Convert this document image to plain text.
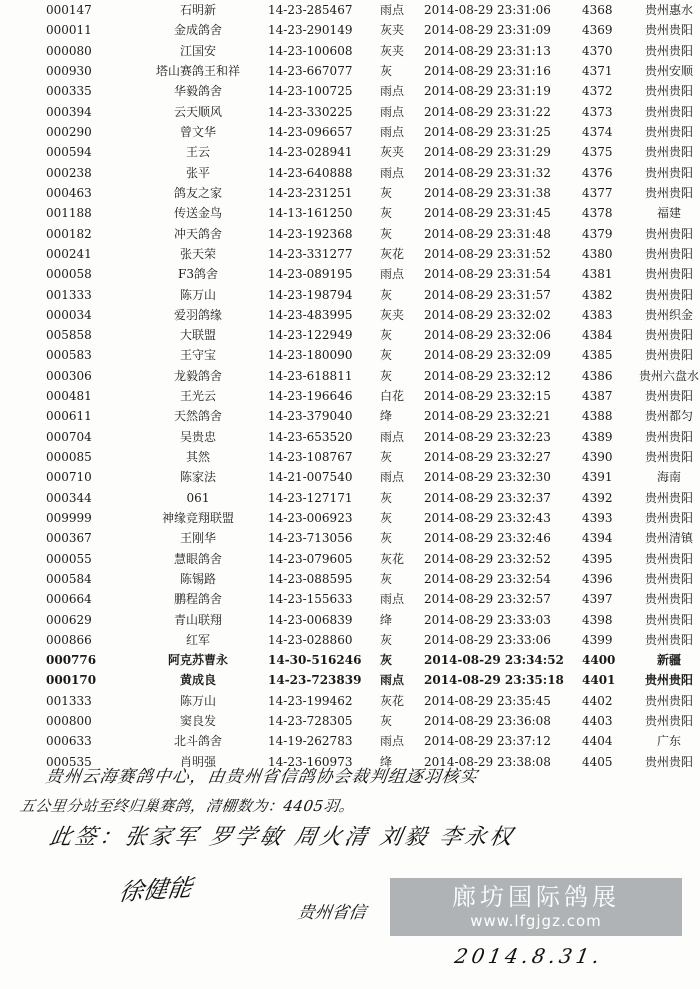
000147	石明新	14-23-285467	雨点	2014-08-29 23:31:06	4368	贵州惠水
000011	金成鸽舍	14-23-290149	灰夹	2014-08-29 23:31:09	4369	贵州贵阳
000080	江国安	14-23-100608	灰夹	2014-08-29 23:31:13	4370	贵州贵阳
000930	塔山赛鸽王和祥	14-23-667077	灰	2014-08-29 23:31:16	4371	贵州安顺
000335	华毅鸽舍	14-23-100725	雨点	2014-08-29 23:31:19	4372	贵州贵阳
000394	云天顺风	14-23-330225	雨点	2014-08-29 23:31:22	4373	贵州贵阳
000290	曾文华	14-23-096657	雨点	2014-08-29 23:31:25	4374	贵州贵阳
000594	王云	14-23-028941	灰夹	2014-08-29 23:31:29	4375	贵州贵阳
000238	张平	14-23-640888	雨点	2014-08-29 23:31:32	4376	贵州贵阳
000463	鸽友之家	14-23-231251	灰	2014-08-29 23:31:38	4377	贵州贵阳
001188	传送金鸟	14-13-161250	灰	2014-08-29 23:31:45	4378	福建
000182	冲天鸽舍	14-23-192368	灰	2014-08-29 23:31:48	4379	贵州贵阳
000241	张天荣	14-23-331277	灰花	2014-08-29 23:31:52	4380	贵州贵阳
000058	F3鸽舍	14-23-089195	雨点	2014-08-29 23:31:54	4381	贵州贵阳
001333	陈万山	14-23-198794	灰	2014-08-29 23:31:57	4382	贵州贵阳
000034	爱羽鸽缘	14-23-483995	灰夹	2014-08-29 23:32:02	4383	贵州织金
005858	大联盟	14-23-122949	灰	2014-08-29 23:32:06	4384	贵州贵阳
000583	王守宝	14-23-180090	灰	2014-08-29 23:32:09	4385	贵州贵阳
000306	龙毅鸽舍	14-23-618811	灰	2014-08-29 23:32:12	4386	贵州六盘水
000481	王光云	14-23-196646	白花	2014-08-29 23:32:15	4387	贵州贵阳
000611	天然鸽舍	14-23-379040	绛	2014-08-29 23:32:21	4388	贵州都匀
000704	吴贵忠	14-23-653520	雨点	2014-08-29 23:32:23	4389	贵州贵阳
000085	其然	14-23-108767	灰	2014-08-29 23:32:27	4390	贵州贵阳
000710	陈家法	14-21-007540	雨点	2014-08-29 23:32:30	4391	海南
000344	061	14-23-127171	灰	2014-08-29 23:32:37	4392	贵州贵阳
009999	神缘竞翔联盟	14-23-006923	灰	2014-08-29 23:32:43	4393	贵州贵阳
000367	王刚华	14-23-713056	灰	2014-08-29 23:32:46	4394	贵州清镇
000055	慧眼鸽舍	14-23-079605	灰花	2014-08-29 23:32:52	4395	贵州贵阳
000584	陈锡路	14-23-088595	灰	2014-08-29 23:32:54	4396	贵州贵阳
000664	鹏程鸽舍	14-23-155633	雨点	2014-08-29 23:32:57	4397	贵州贵阳
000629	青山联翔	14-23-006839	绛	2014-08-29 23:33:03	4398	贵州贵阳
000866	红军	14-23-028860	灰	2014-08-29 23:33:06	4399	贵州贵阳
000776	阿克苏曹永	14-30-516246	灰	2014-08-29 23:34:52	4400	新疆
000170	黄成良	14-23-723839	雨点	2014-08-29 23:35:18	4401	贵州贵阳
001333	陈万山	14-23-199462	灰花	2014-08-29 23:35:45	4402	贵州贵阳
000800	窦良发	14-23-728305	灰	2014-08-29 23:36:08	4403	贵州贵阳
000633	北斗鸽舍	14-19-262783	雨点	2014-08-29 23:37:12	4404	广东
000535	肖明强	14-23-160973	绛	2014-08-29 23:38:08	4405	贵州贵阳
贵州云海赛鸽中心，由贵州省信鸽协会裁判组逐羽核实
五公里分站至终归巢赛鸽，清棚数为：4405羽。
此签：张家军 罗学敏 周火清 刘毅 李永权
徐健能
贵州省信
2014.8.31.
廊坊国际鸽展
www.lfgjgz.com
